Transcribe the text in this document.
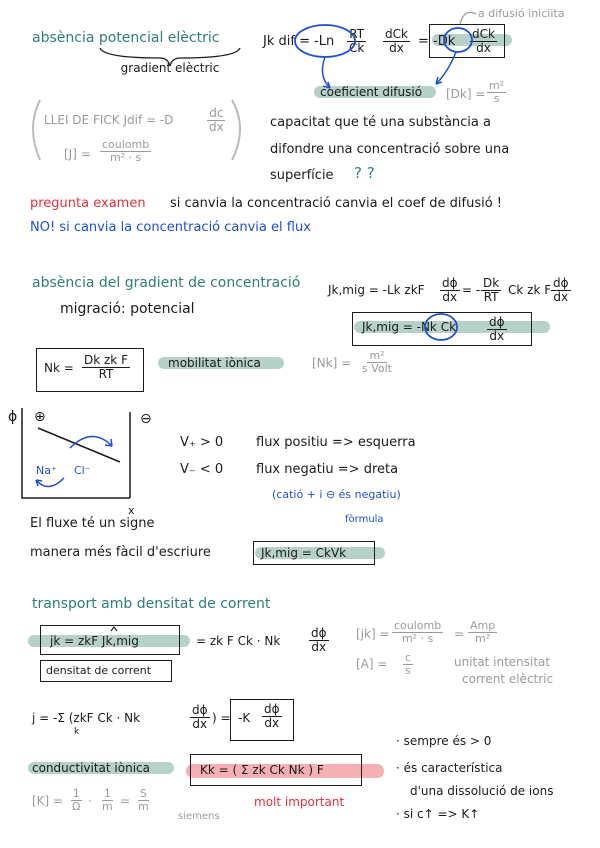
absència potencial elèctric
gradient elèctric
Jk dif = $-Ln \frac{RT}{Ck}$ dCk
dx = -Dk dCk
dx
a difusió iniciita
coeficient difusió $[Dk] = \frac{\text{m²}}{s}$
LLEI DE FICK Jdif = -D	$\frac{dc}{dx}$
[J] =
coulomb
m² · s
capacitat que té una substància a
difondre una concentració sobre una
superfície ? ?
pregunta examen si canvia la concentració canvia el coef de difusió !
NO! si canvia la concentració canvia el flux
absència del gradient de concentració
migració: potencial
Jk,mig = -Lk zkF $\frac{d\phi}{dx}$ = - $\frac{Dk}{RT}$ Ck zk F $\frac{d\phi}{dx}$
Jk,mig = -Nk Ck	$\frac{d\phi}{dx}$
$Nk = \frac{\text{Dk zk F}}{RT}$	mobilitat iònica	[Nk] =
m²
s Volt
ϕ ⊕	⊖
Na⁺ Cl⁻
x
V₊ > 0	flux positiu => esquerra
V₋ < 0	flux negatiu => dreta
(catió + i ⊖ és negatiu)
fòrmula
El fluxe té un signe
manera més fàcil d'escriure	Jk,mig = CkVk
transport amb densitat de corrent
jk = zkF Jk,mig	= zk F Ck · Nk $\frac{d\phi}{dx}$
densitat de corrent
[jk] =
coulomb
m² · s =
Amp
m²
$[A] = \frac{c}{s}$	unitat intensitat
corrent elèctric
j = -Σ (zkF Ck · Nk
k
$\frac{d\phi}{dx}$ ) = $-K \frac{d\phi}{dx}$
· sempre és > 0
· és característica
d'una dissolució de ions
· si c↑ => K↑
conductivitat iònica	Kk = ( Σ zk Ck Nk ) F
molt important
$[K] = \frac{1}{\Omega} \cdot \frac{1}{m} = \frac{S}{m}$
siemens
